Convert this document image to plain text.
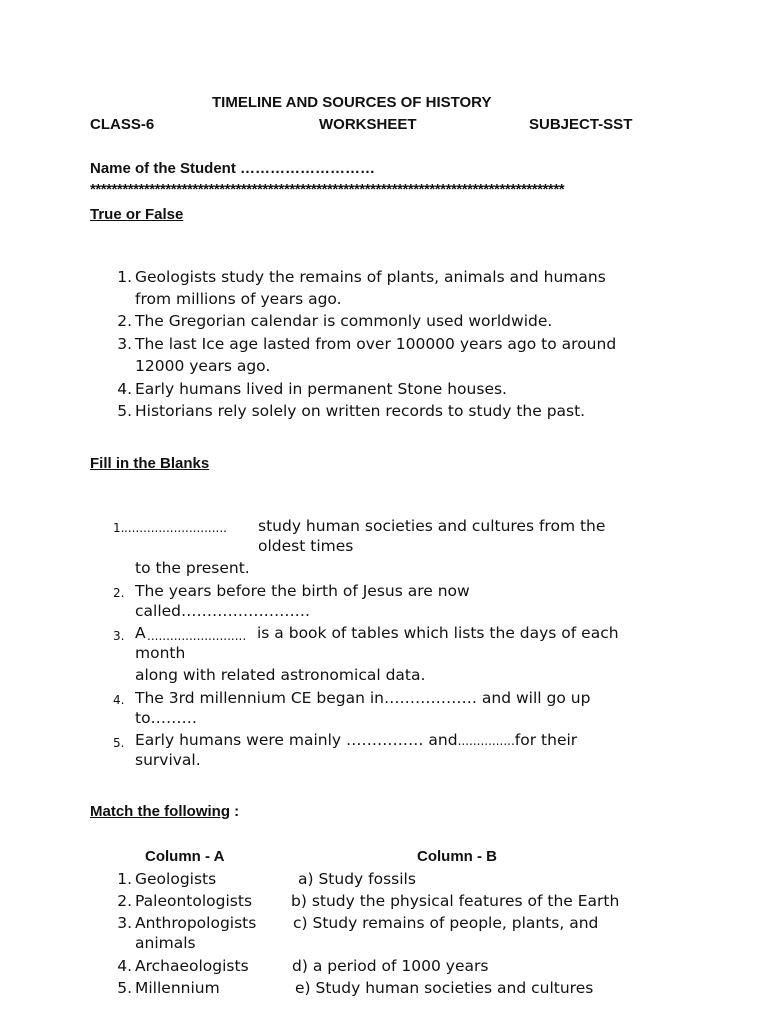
TIMELINE AND SOURCES OF HISTORY
CLASS-6	WORKSHEET	SUBJECT-SST
Name of the Student ………………………
****************************************************************************************
True or False
1. Geologists study the remains of plants, animals and humans
from millions of years ago.
2. The Gregorian calendar is commonly used worldwide.
3. The last Ice age lasted from over 100000 years ago to around
12000 years ago.
4. Early humans lived in permanent Stone houses.
5. Historians rely solely on written records to study the past.
Fill in the Blanks
1. ........................... study human societies and cultures from the
oldest times
to the present.
2. The years before the birth of Jesus are now
called…………………….
3. A .......................... is a book of tables which lists the days of each
month
along with related astronomical data.
4. The 3rd millennium CE began in……………… and will go up
to………
5. Early humans were mainly …………… and...............for their
survival.
Match the following :
Column - A	Column - B
1. Geologists	a) Study fossils
2. Paleontologists	b) study the physical features of the Earth
3. Anthropologists c) Study remains of people, plants, and
animals
4. Archaeologists	d) a period of 1000 years
5. Millennium	e) Study human societies and cultures
